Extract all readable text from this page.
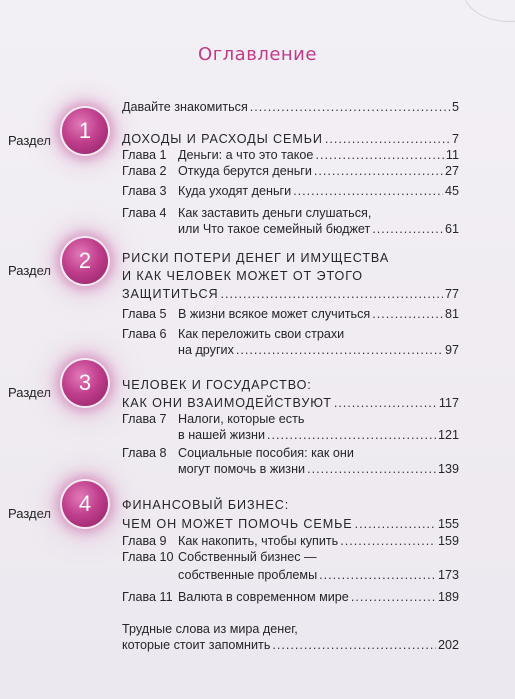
Оглавление
Давайте знакомиться .....	5
Раздел	1	ДОХОДЫ И РАСХОДЫ СЕМЬИ .....	7
Глава 1 Деньги: а что это такое .....	11
Глава 2 Откуда берутся деньги .....	27
Глава 3 Куда уходят деньги .....	45
Глава 4 Как заставить деньги слушаться,
или Что такое семейный бюджет .....	61
Раздел	2	РИСКИ ПОТЕРИ ДЕНЕГ И ИМУЩЕСТВА
И КАК ЧЕЛОВЕК МОЖЕТ ОТ ЭТОГО
ЗАЩИТИТЬСЯ .....	77
Глава 5 В жизни всякое может случиться .....	81
Глава 6 Как переложить свои страхи
на других .....	97
Раздел	3	ЧЕЛОВЕК И ГОСУДАРСТВО:
КАК ОНИ ВЗАИМОДЕЙСТВУЮТ .....	117
Глава 7 Налоги, которые есть
в нашей жизни .....	121
Глава 8 Социальные пособия: как они
могут помочь в жизни .....	139
Раздел	4	ФИНАНСОВЫЙ БИЗНЕС:
ЧЕМ ОН МОЖЕТ ПОМОЧЬ СЕМЬЕ .....	155
Глава 9 Как накопить, чтобы купить .....	159
Глава 10 Собственный бизнес —
собственные проблемы .....	173
Глава 11 Валюта в современном мире .....	189
Трудные слова из мира денег,
которые стоит запомнить .....	202
